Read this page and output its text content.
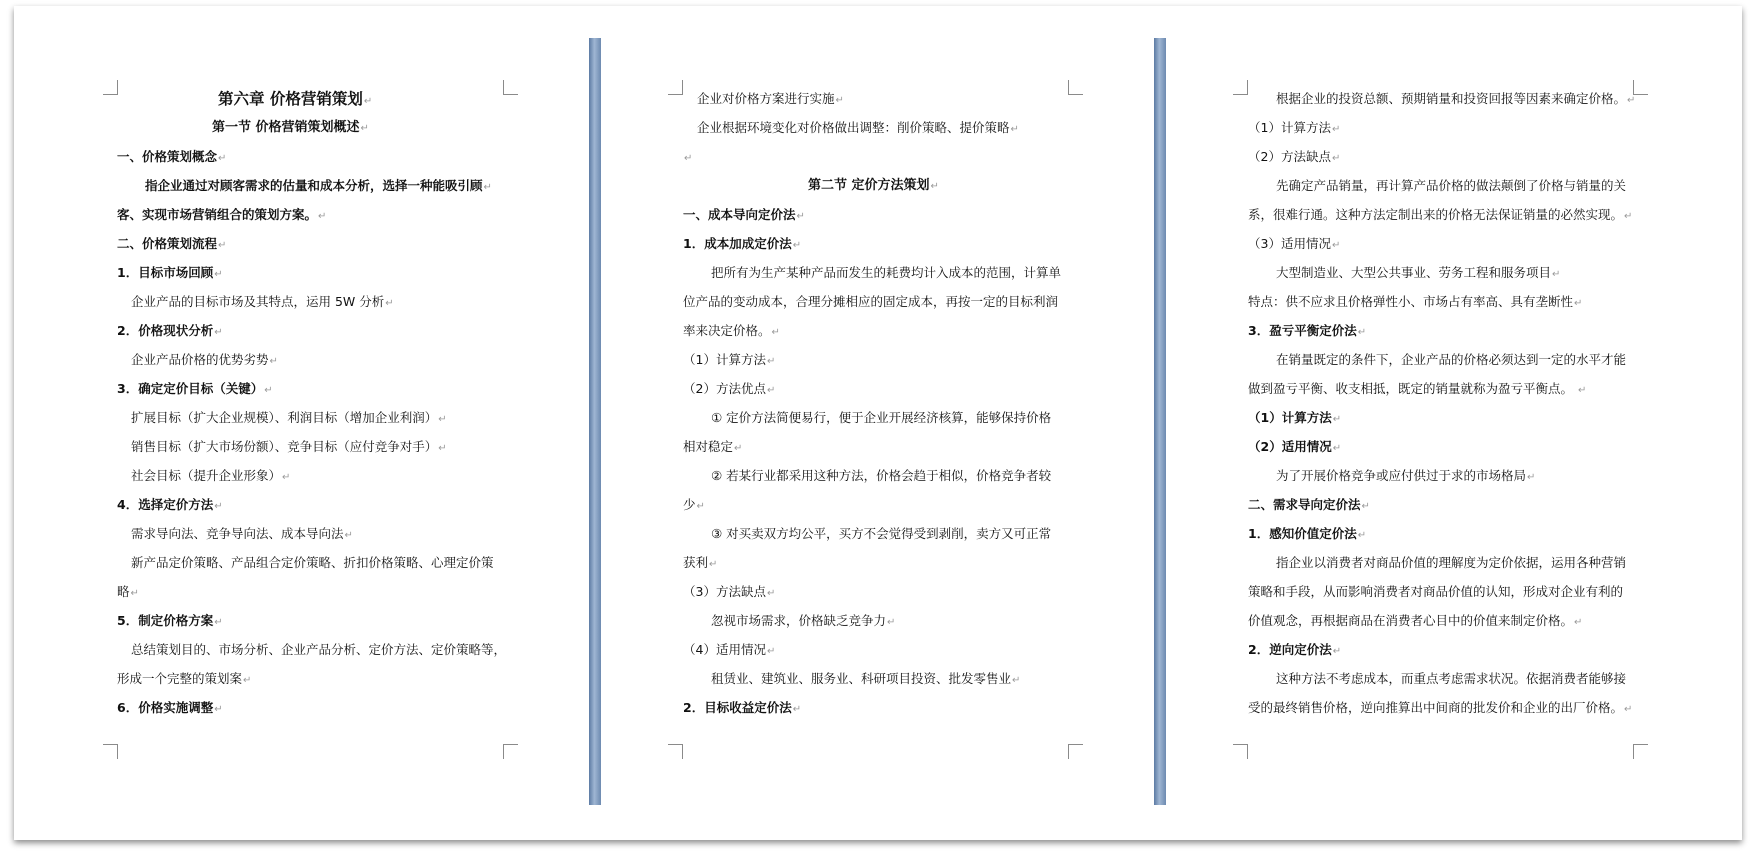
第六章 价格营销策划↵
第一节 价格营销策划概述↵
一、价格策划概念↵
指企业通过对顾客需求的估量和成本分析，选择一种能吸引顾↵
客、实现市场营销组合的策划方案。↵
二、价格策划流程↵
1．目标市场回顾↵
企业产品的目标市场及其特点，运用 5W 分析↵
2．价格现状分析↵
企业产品价格的优势劣势↵
3．确定定价目标（关键）↵
扩展目标（扩大企业规模）、利润目标（增加企业利润）↵
销售目标（扩大市场份额）、竞争目标（应付竞争对手）↵
社会目标（提升企业形象）↵
4．选择定价方法↵
需求导向法、竞争导向法、成本导向法↵
新产品定价策略、产品组合定价策略、折扣价格策略、心理定价策
略↵
5．制定价格方案↵
总结策划目的、市场分析、企业产品分析、定价方法、定价策略等，
形成一个完整的策划案↵
6．价格实施调整↵
企业对价格方案进行实施↵
企业根据环境变化对价格做出调整：削价策略、提价策略↵
↵
第二节 定价方法策划↵
一、成本导向定价法↵
1．成本加成定价法↵
把所有为生产某种产品而发生的耗费均计入成本的范围，计算单
位产品的变动成本，合理分摊相应的固定成本，再按一定的目标利润
率来决定价格。↵
（1）计算方法↵
（2）方法优点↵
① 定价方法简便易行，便于企业开展经济核算，能够保持价格
相对稳定↵
② 若某行业都采用这种方法，价格会趋于相似，价格竞争者较
少↵
③ 对买卖双方均公平，买方不会觉得受到剥削，卖方又可正常
获利↵
（3）方法缺点↵
忽视市场需求，价格缺乏竞争力↵
（4）适用情况↵
租赁业、建筑业、服务业、科研项目投资、批发零售业↵
2．目标收益定价法↵
根据企业的投资总额、预期销量和投资回报等因素来确定价格。↵
（1）计算方法↵
（2）方法缺点↵
先确定产品销量，再计算产品价格的做法颠倒了价格与销量的关
系，很难行通。这种方法定制出来的价格无法保证销量的必然实现。↵
（3）适用情况↵
大型制造业、大型公共事业、劳务工程和服务项目↵
特点：供不应求且价格弹性小、市场占有率高、具有垄断性↵
3．盈亏平衡定价法↵
在销量既定的条件下，企业产品的价格必须达到一定的水平才能
做到盈亏平衡、收支相抵，既定的销量就称为盈亏平衡点。 ↵
（1）计算方法↵
（2）适用情况↵
为了开展价格竞争或应付供过于求的市场格局↵
二、需求导向定价法↵
1．感知价值定价法↵
指企业以消费者对商品价值的理解度为定价依据，运用各种营销
策略和手段，从而影响消费者对商品价值的认知，形成对企业有利的
价值观念，再根据商品在消费者心目中的价值来制定价格。↵
2．逆向定价法↵
这种方法不考虑成本，而重点考虑需求状况。依据消费者能够接
受的最终销售价格，逆向推算出中间商的批发价和企业的出厂价格。↵
